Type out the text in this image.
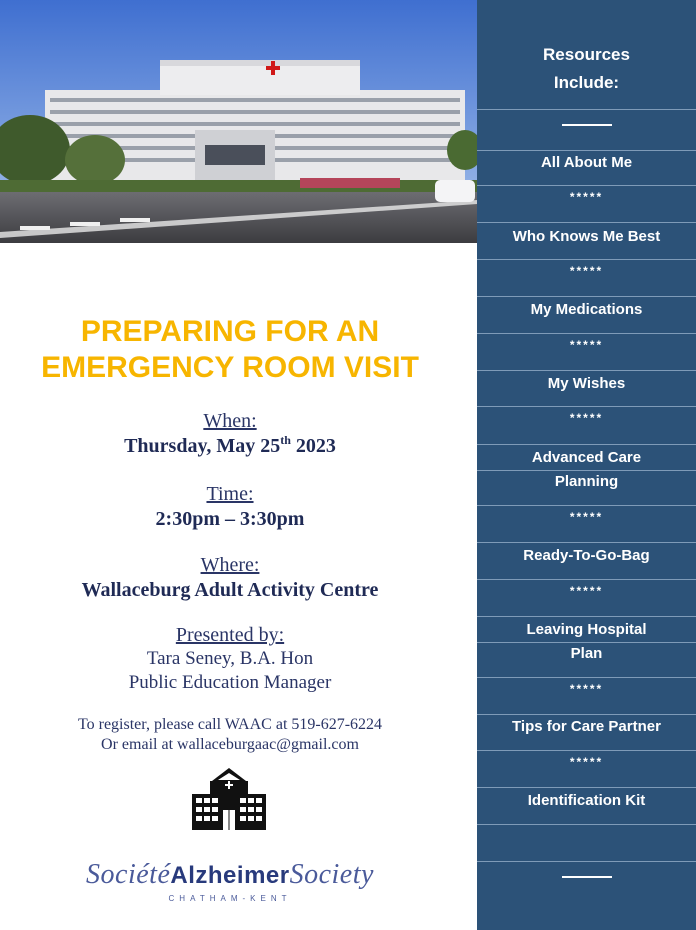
PREPARING FOR AN
EMERGENCY ROOM VISIT
When:
Thursday, May 25th 2023
Time:
2:30pm – 3:30pm
Where:
Wallaceburg Adult Activity Centre
Presented by:
Tara Seney, B.A. Hon
Public Education Manager
To register, please call WAAC at 519-627-6224
Or email at wallaceburgaac@gmail.com
SociétéAlzheimerSociety
CHATHAM-KENT
Resources
Include:
All About Me
*****
Who Knows Me Best
*****
My Medications
*****
My Wishes
*****
Advanced Care
Planning
*****
Ready-To-Go-Bag
*****
Leaving Hospital
Plan
*****
Tips for Care Partner
*****
Identification Kit
